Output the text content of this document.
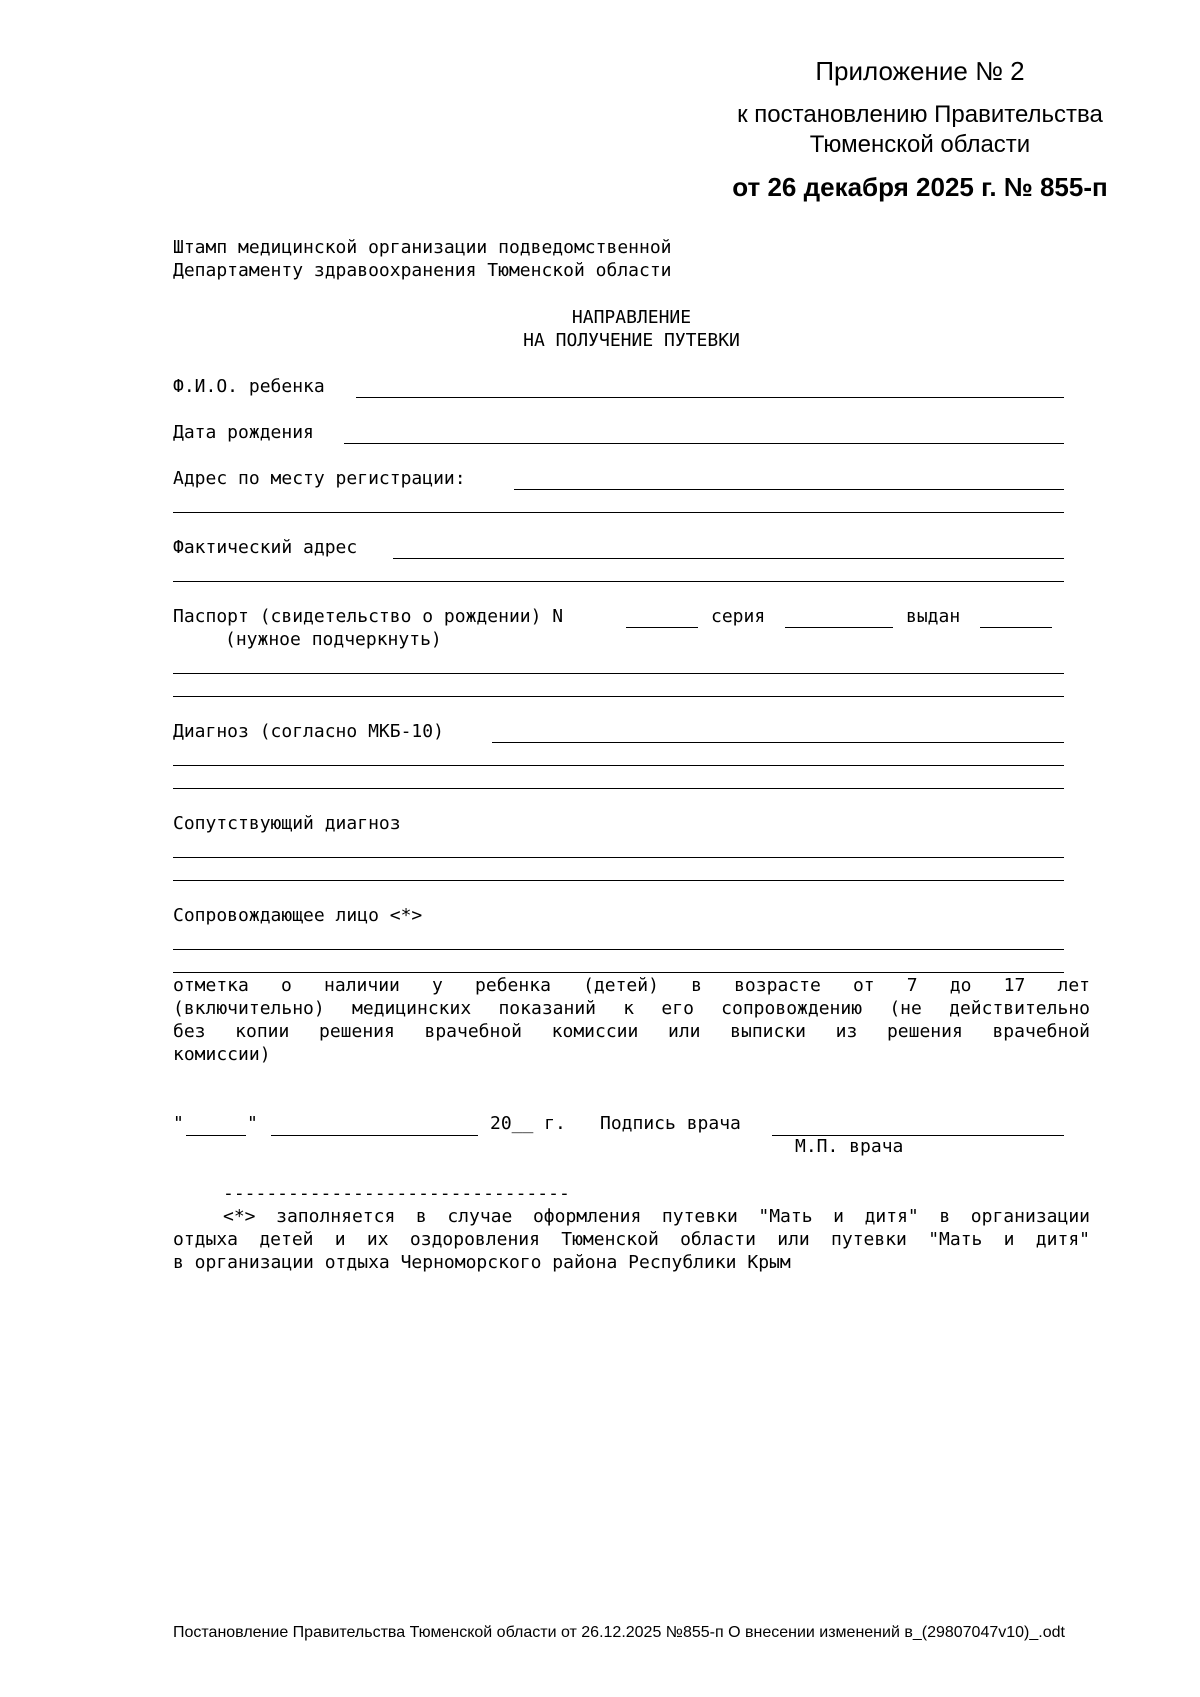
Приложение № 2
к постановлению Правительства
Тюменской области
от 26 декабря 2025 г. № 855-п
Штамп медицинской организации подведомственной
Департаменту здравоохранения Тюменской области
НАПРАВЛЕНИЕ
НА ПОЛУЧЕНИЕ ПУТЕВКИ
Ф.И.О. ребенка
Дата рождения
Адрес по месту регистрации:
Фактический адрес
Паспорт (свидетельство о рождении) N	серия	выдан
(нужное подчеркнуть)
Диагноз (согласно МКБ-10)
Сопутствующий диагноз
Сопровождающее лицо <*>
отметка о наличии у ребенка (детей) в возрасте от 7 до 17 лет
(включительно) медицинских показаний к его сопровождению (не действительно
без копии решения врачебной комиссии или выписки из решения врачебной
комиссии)
"	"	20__ г. Подпись врача
М.П. врача
--------------------------------
<*> заполняется в случае оформления путевки "Мать и дитя" в организации
отдыха детей и их оздоровления Тюменской области или путевки "Мать и дитя"
в организации отдыха Черноморского района Республики Крым
Постановление Правительства Тюменской области от 26.12.2025 №855-п О внесении изменений в_(29807047v10)_.odt
